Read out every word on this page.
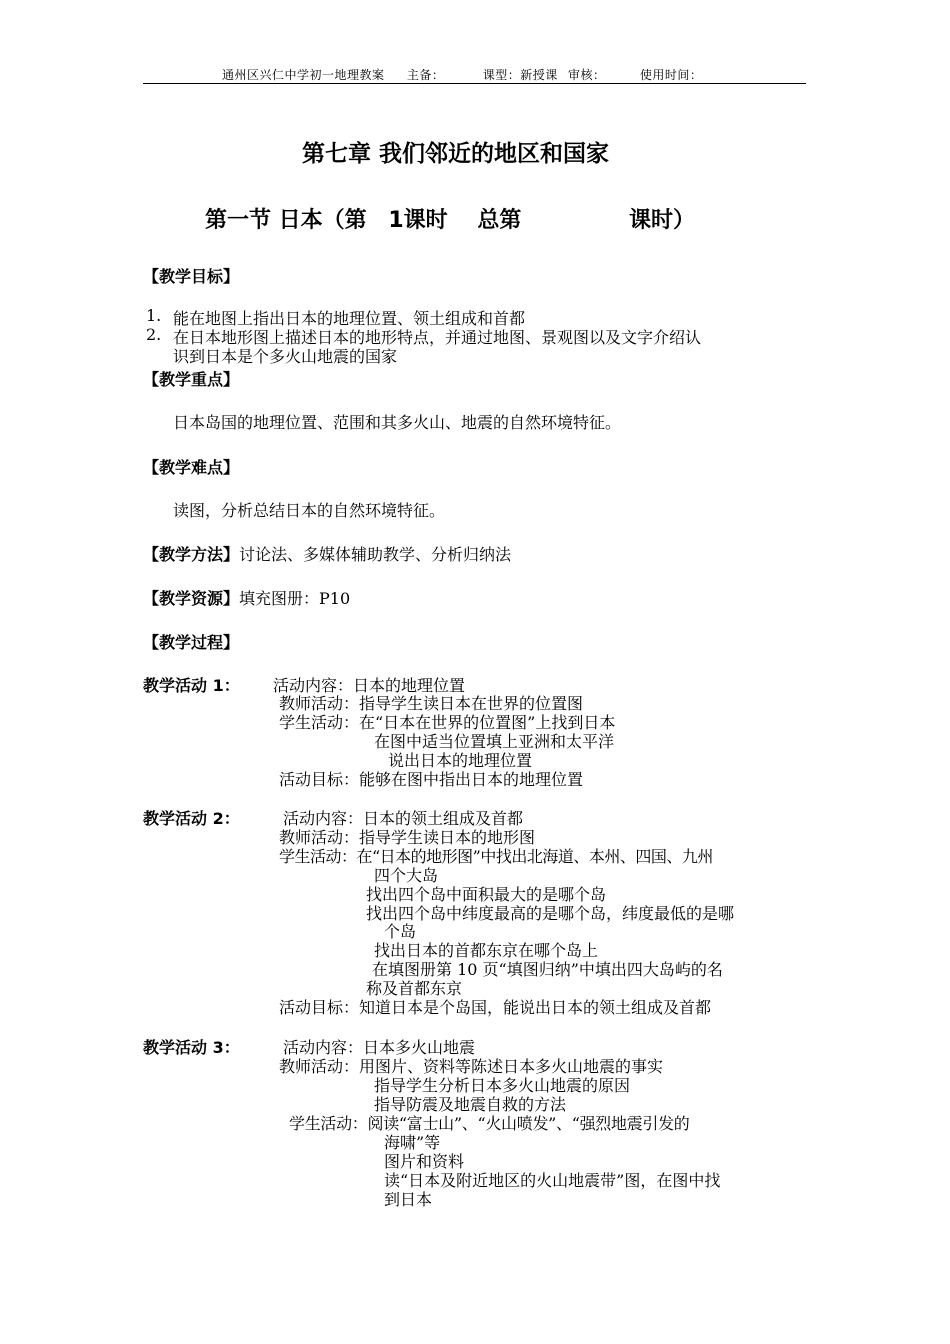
通州区兴仁中学初一地理教案 主备：	课型：新授课 审核：	使用时间：
第七章 我们邻近的地区和国家
第一节 日本（第 1课时 总第	课时）
【教学目标】
1. 能在地图上指出日本的地理位置、领土组成和首都
2. 在日本地形图上描述日本的地形特点，并通过地图、景观图以及文字介绍认
识到日本是个多火山地震的国家
【教学重点】
日本岛国的地理位置、范围和其多火山、地震的自然环境特征。
【教学难点】
读图，分析总结日本的自然环境特征。
【教学方法】讨论法、多媒体辅助教学、分析归纳法
【教学资源】填充图册：P10
【教学过程】
教学活动 1： 活动内容：日本的地理位置
教师活动：指导学生读日本在世界的位置图
学生活动：在“日本在世界的位置图”上找到日本
在图中适当位置填上亚洲和太平洋
说出日本的地理位置
活动目标：能够在图中指出日本的地理位置
教学活动 2：	活动内容：日本的领土组成及首都
教师活动：指导学生读日本的地形图
学生活动：在“日本的地形图”中找出北海道、本州、四国、九州
四个大岛
找出四个岛中面积最大的是哪个岛
找出四个岛中纬度最高的是哪个岛，纬度最低的是哪
个岛
找出日本的首都东京在哪个岛上
在填图册第 10 页“填图归纳”中填出四大岛屿的名
称及首都东京
活动目标：知道日本是个岛国，能说出日本的领土组成及首都
教学活动 3：	活动内容：日本多火山地震
教师活动：用图片、资料等陈述日本多火山地震的事实
指导学生分析日本多火山地震的原因
指导防震及地震自救的方法
学生活动：阅读“富士山”、“火山喷发”、“强烈地震引发的
海啸”等
图片和资料
读“日本及附近地区的火山地震带”图，在图中找
到日本
